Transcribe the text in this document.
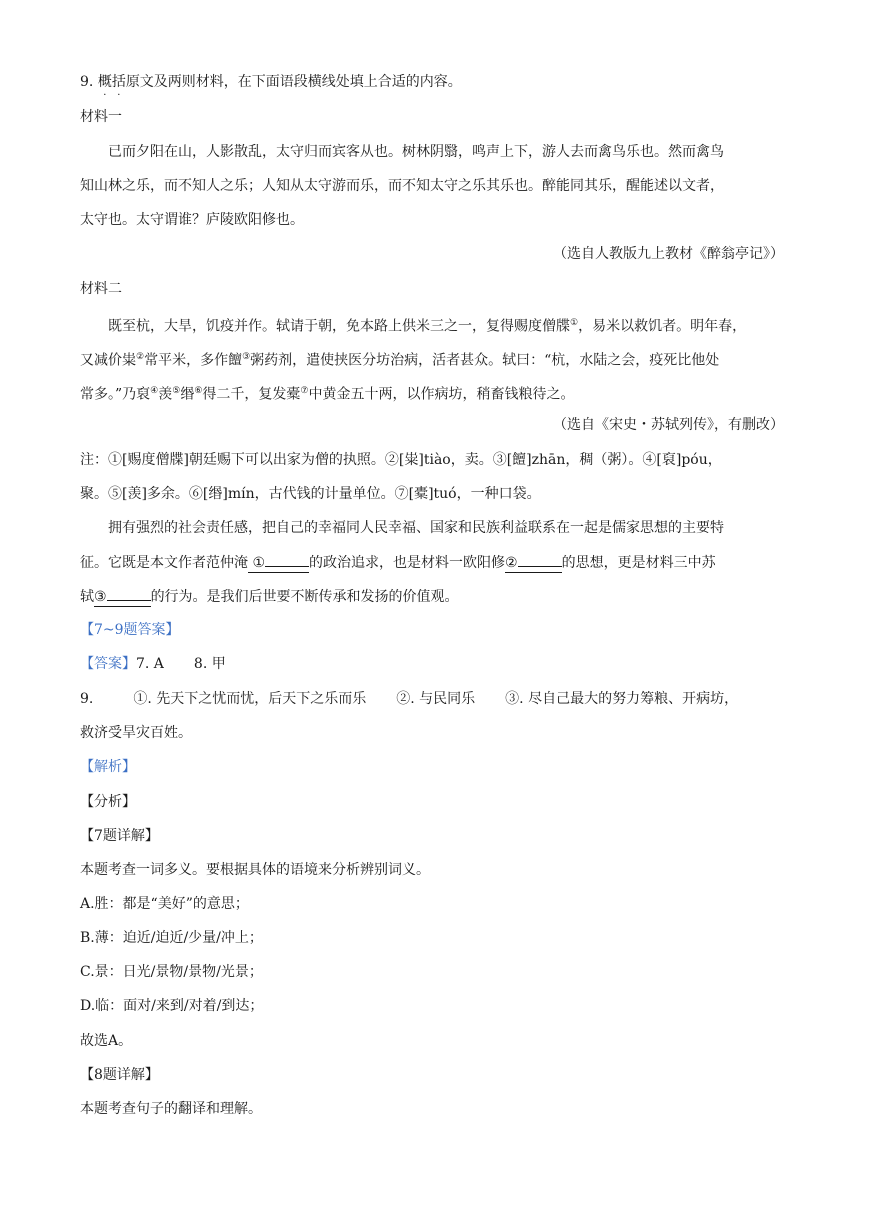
9. 概括原文及两则材料，在下面语段横线处填上合适的内容。
材料一
已而夕阳在山，人影散乱，太守归而宾客从也。树林阴翳，鸣声上下，游人去而禽鸟乐也。然而禽鸟
知山林之乐，而不知人之乐；人知从太守游而乐，而不知太守之乐其乐也。醉能同其乐，醒能述以文者，
太守也。太守谓谁？庐陵欧阳修也。
（选自人教版九上教材《醉翁亭记》）
材料二
既至杭，大旱，饥疫并作。轼请于朝，免本路上供米三之一，复得赐度僧牒①，易米以救饥者。明年春，
又减价粜②常平米，多作饘③粥药剂，遣使挟医分坊治病，活者甚众。轼曰：“杭，水陆之会，疫死比他处
常多。”乃裒④羡⑤缗⑥得二千，复发橐⑦中黄金五十两，以作病坊，稍畜钱粮待之。
（选自《宋史・苏轼列传》，有删改）
注：①[赐度僧牒]朝廷赐下可以出家为僧的执照。②[粜]tiào，卖。③[饘]zhān，稠（粥）。④[裒]póu，
聚。⑤[羡]多余。⑥[缗]mín，古代钱的计量单位。⑦[橐]tuó，一种口袋。
拥有强烈的社会责任感，把自己的幸福同人民幸福、国家和民族利益联系在一起是儒家思想的主要特
征。它既是本文作者范仲淹 ①	的政治追求，也是材料一欧阳修②	的思想，更是材料三中苏
轼③	的行为。是我们后世要不断传承和发扬的价值观。
【7~9题答案】
【答案】7. A 8. 甲
9.	①. 先天下之忧而忧，后天下之乐而乐 ②. 与民同乐 ③. 尽自己最大的努力筹粮、开病坊，
救济受旱灾百姓。
【解析】
【分析】
【7题详解】
本题考查一词多义。要根据具体的语境来分析辨别词义。
A.胜：都是“美好”的意思；
B.薄：迫近/迫近/少量/冲上；
C.景：日光/景物/景物/光景；
D.临：面对/来到/对着/到达；
故选A。
【8题详解】
本题考查句子的翻译和理解。
